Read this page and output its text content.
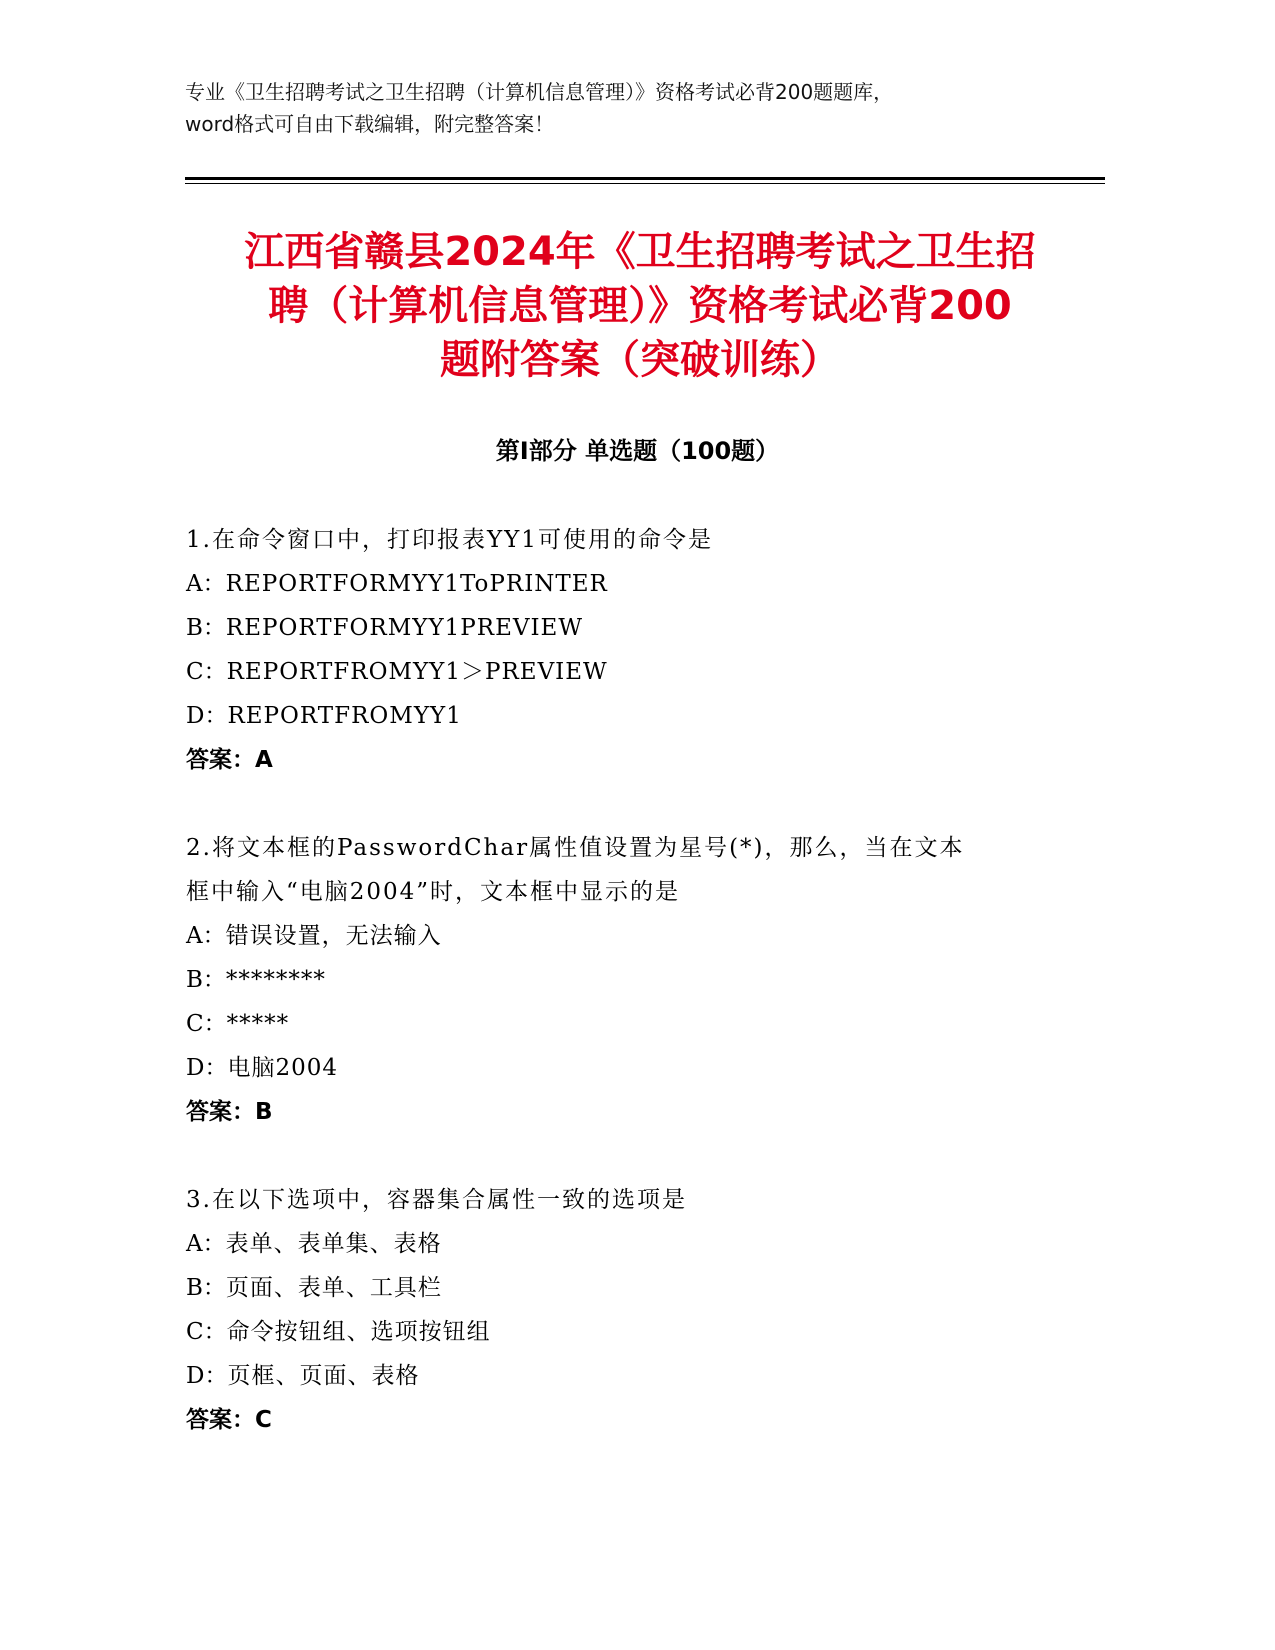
专业《卫生招聘考试之卫生招聘（计算机信息管理）》资格考试必背200题题库，
word格式可自由下载编辑，附完整答案！
江西省赣县2024年《卫生招聘考试之卫生招
聘（计算机信息管理）》资格考试必背200
题附答案（突破训练）
第Ⅰ部分 单选题（100题）
1.在命令窗口中，打印报表YY1可使用的命令是
A：REPORTFORMYY1ToPRINTER
B：REPORTFORMYY1PREVIEW
C：REPORTFROMYY1＞PREVIEW
D：REPORTFROMYY1
答案：A
2.将文本框的PasswordChar属性值设置为星号(*)，那么，当在文本
框中输入“电脑2004”时，文本框中显示的是
A：错误设置，无法输入
B：********
C：*****
D：电脑2004
答案：B
3.在以下选项中，容器集合属性一致的选项是
A：表单、表单集、表格
B：页面、表单、工具栏
C：命令按钮组、选项按钮组
D：页框、页面、表格
答案：C
